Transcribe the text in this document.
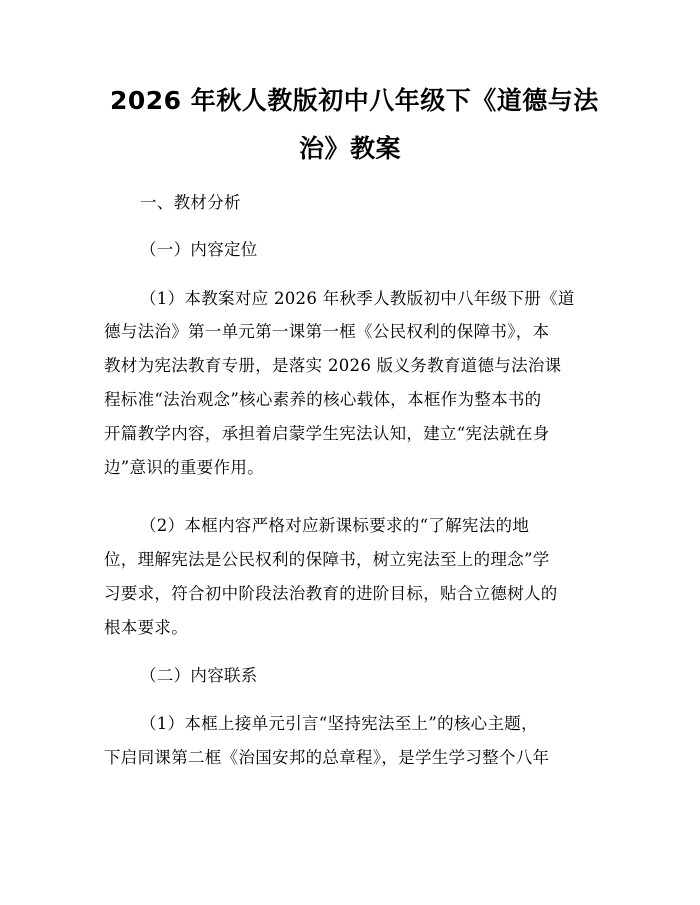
2026 年秋人教版初中八年级下《道德与法
治》教案
一、教材分析
（一）内容定位
（1）本教案对应 2026 年秋季人教版初中八年级下册《道
德与法治》第一单元第一课第一框《公民权利的保障书》，本
教材为宪法教育专册，是落实 2026 版义务教育道德与法治课
程标准“法治观念”核心素养的核心载体，本框作为整本书的
开篇教学内容，承担着启蒙学生宪法认知，建立“宪法就在身
边”意识的重要作用。
（2）本框内容严格对应新课标要求的“了解宪法的地
位，理解宪法是公民权利的保障书，树立宪法至上的理念”学
习要求，符合初中阶段法治教育的进阶目标，贴合立德树人的
根本要求。
（二）内容联系
（1）本框上接单元引言“坚持宪法至上”的核心主题，
下启同课第二框《治国安邦的总章程》，是学生学习整个八年
